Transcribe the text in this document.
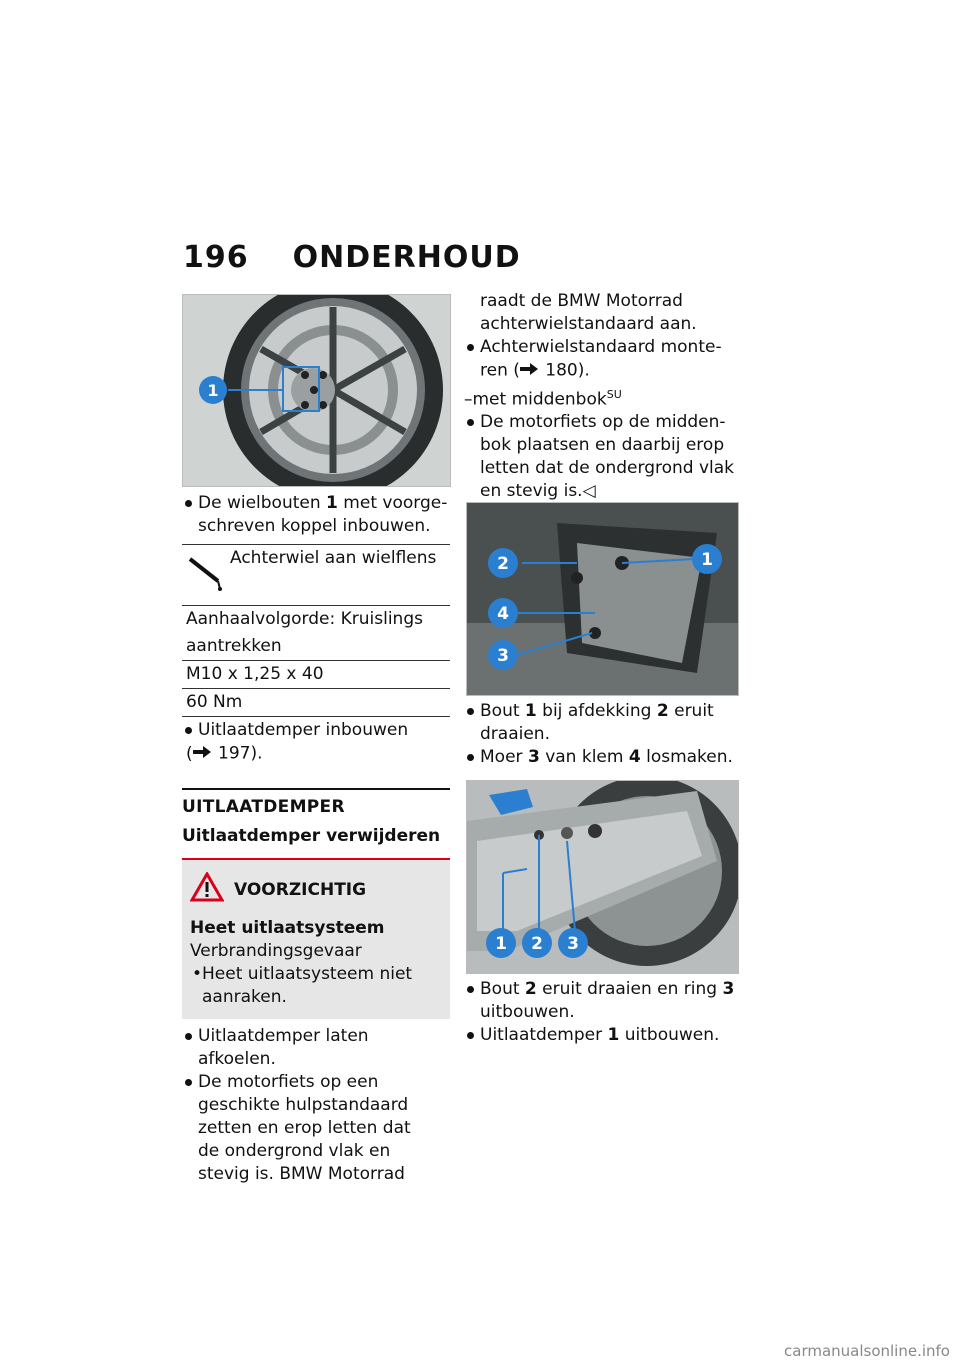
196 ONDERHOUD
1
De wielbouten 1 met voorge-
schreven koppel inbouwen.
Achterwiel aan wielflens
Aanhaalvolgorde: Kruislings
aantrekken
M10 x 1,25 x 40
60 Nm
Uitlaatdemper inbouwen
( 197).
UITLAATDEMPER
Uitlaatdemper verwijderen
VOORZICHTIG
Heet uitlaatsysteem
Verbrandingsgevaar
• Heet uitlaatsysteem niet
aanraken.
Uitlaatdemper laten afkoelen.
De motorfiets op een
geschikte hulpstandaard
zetten en erop letten dat
de ondergrond vlak en
stevig is. BMW Motorrad
raadt de BMW Motorrad
achterwielstandaard aan.
Achterwielstandaard monte-
ren ( 180).
–met middenbok$^{SU}$
De motorfiets op de midden-
bok plaatsen en daarbij erop
letten dat de ondergrond vlak
en stevig is.◁
2	1
4
3
Bout 1 bij afdekking 2 eruit
draaien.
Moer 3 van klem 4 losmaken.
1 2 3
Bout 2 eruit draaien en ring 3
uitbouwen.
Uitlaatdemper 1 uitbouwen.
carmanualsonline.info
